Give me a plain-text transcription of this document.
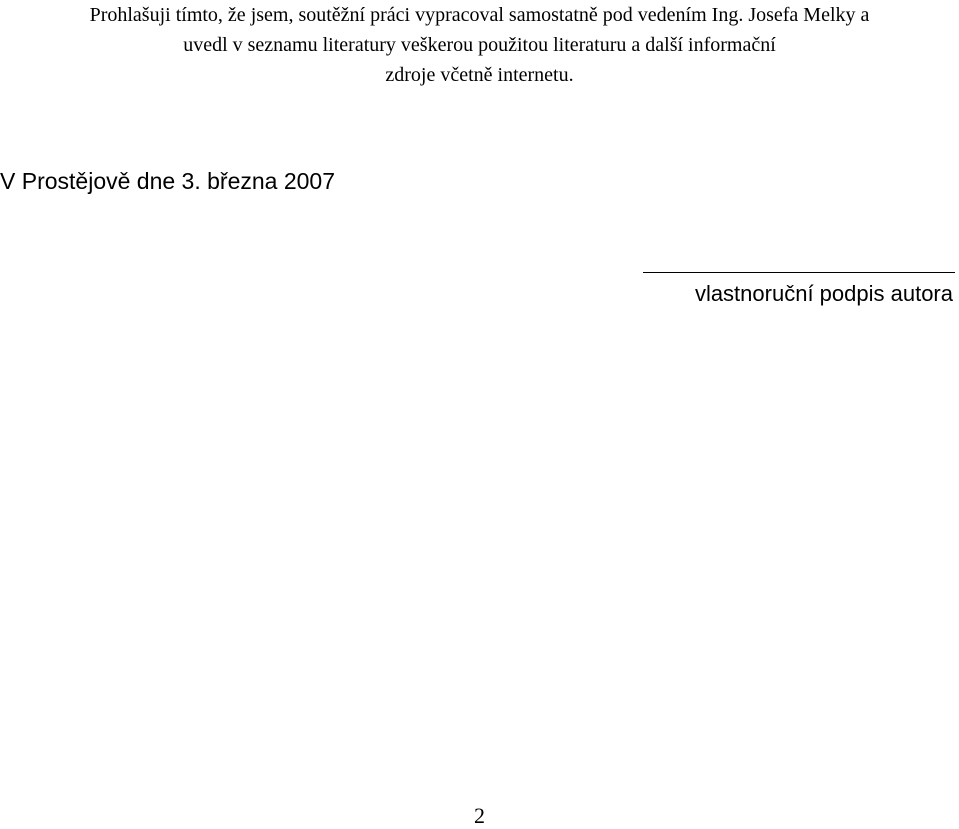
Prohlašuji tímto, že jsem, soutěžní práci vypracoval samostatně pod vedením Ing. Josefa Melky a
uvedl v seznamu literatury veškerou použitou literaturu a další informační
zdroje včetně internetu.
V Prostějově dne 3. března 2007
vlastnoruční podpis autora
2
